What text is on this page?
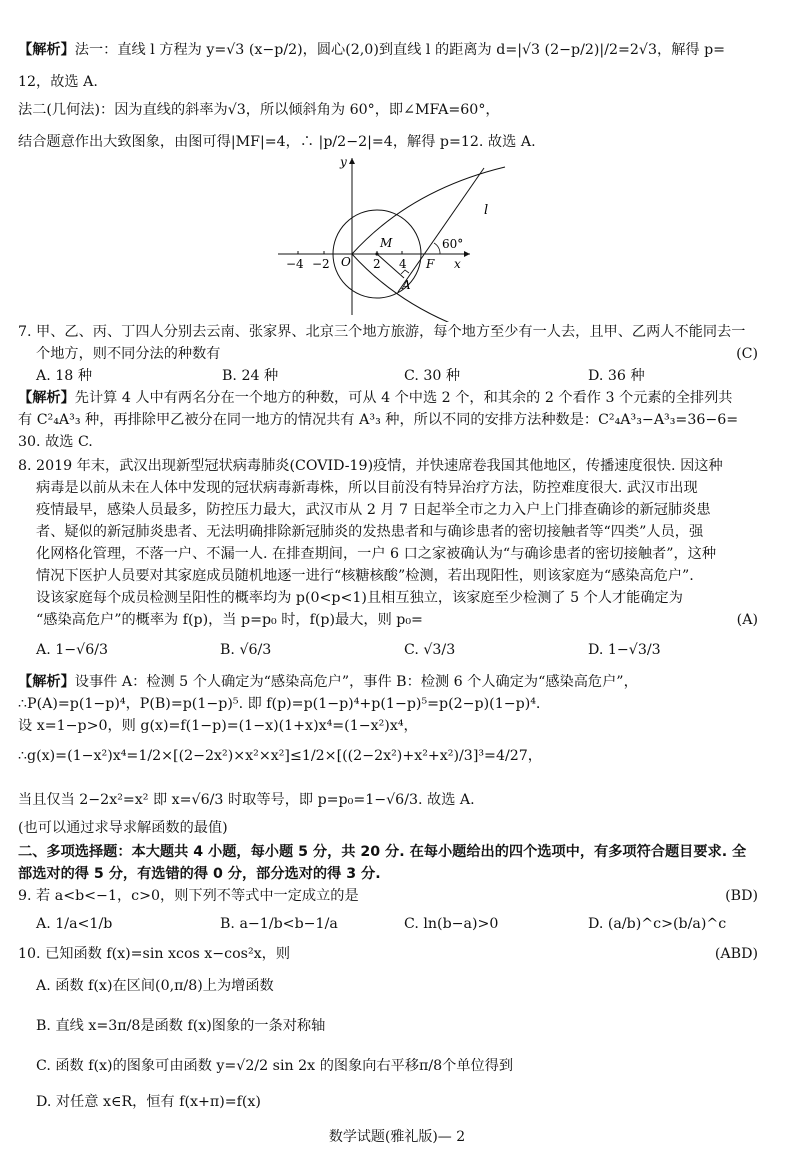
【解析】法一：直线 l 方程为 y=√3 (x−p/2)，圆心(2,0)到直线 l 的距离为 d=|√3 (2−p/2)|/2=2√3，解得 p=
12，故选 A.
法二(几何法)：因为直线的斜率为√3，所以倾斜角为 60°，即∠MFA=60°，
结合题意作出大致图象，由图可得|MF|=4，∴ |p/2−2|=4，解得 p=12. 故选 A.
y
x
−4 −2	2 4
O
M
F
A
l
60°
7. 甲、乙、丙、丁四人分别去云南、张家界、北京三个地方旅游，每个地方至少有一人去，且甲、乙两人不能同去一
个地方，则不同分法的种数有	(C)
A. 18 种	B. 24 种	C. 30 种	D. 36 种
【解析】先计算 4 人中有两名分在一个地方的种数，可从 4 个中选 2 个，和其余的 2 个看作 3 个元素的全排列共
有 C²₄A³₃ 种，再排除甲乙被分在同一地方的情况共有 A³₃ 种，所以不同的安排方法种数是：C²₄A³₃−A³₃=36−6=
30. 故选 C.
8. 2019 年末，武汉出现新型冠状病毒肺炎(COVID-19)疫情，并快速席卷我国其他地区，传播速度很快. 因这种
病毒是以前从未在人体中发现的冠状病毒新毒株，所以目前没有特异治疗方法，防控难度很大. 武汉市出现
疫情最早，感染人员最多，防控压力最大，武汉市从 2 月 7 日起举全市之力入户上门排查确诊的新冠肺炎患
者、疑似的新冠肺炎患者、无法明确排除新冠肺炎的发热患者和与确诊患者的密切接触者等“四类”人员，强
化网格化管理，不落一户、不漏一人. 在排查期间，一户 6 口之家被确认为“与确诊患者的密切接触者”，这种
情况下医护人员要对其家庭成员随机地逐一进行“核糖核酸”检测，若出现阳性，则该家庭为“感染高危户”.
设该家庭每个成员检测呈阳性的概率均为 p(0<p<1)且相互独立，该家庭至少检测了 5 个人才能确定为
“感染高危户”的概率为 f(p)，当 p=p₀ 时，f(p)最大，则 p₀=	(A)
A. 1−√6/3	B. √6/3	C. √3/3	D. 1−√3/3
【解析】设事件 A：检测 5 个人确定为“感染高危户”，事件 B：检测 6 个人确定为“感染高危户”，
∴P(A)=p(1−p)⁴，P(B)=p(1−p)⁵. 即 f(p)=p(1−p)⁴+p(1−p)⁵=p(2−p)(1−p)⁴.
设 x=1−p>0，则 g(x)=f(1−p)=(1−x)(1+x)x⁴=(1−x²)x⁴，
∴g(x)=(1−x²)x⁴=1/2×[(2−2x²)×x²×x²]≤1/2×[((2−2x²)+x²+x²)/3]³=4/27，
当且仅当 2−2x²=x² 即 x=√6/3 时取等号，即 p=p₀=1−√6/3. 故选 A.
(也可以通过求导求解函数的最值)
二、多项选择题：本大题共 4 小题，每小题 5 分，共 20 分. 在每小题给出的四个选项中，有多项符合题目要求. 全
部选对的得 5 分，有选错的得 0 分，部分选对的得 3 分.
9. 若 a<b<−1，c>0，则下列不等式中一定成立的是	(BD)
A. 1/a<1/b	B. a−1/b<b−1/a	C. ln(b−a)>0	D. (a/b)^c>(b/a)^c
10. 已知函数 f(x)=sin xcos x−cos²x，则	(ABD)
A. 函数 f(x)在区间(0,π/8)上为增函数
B. 直线 x=3π/8是函数 f(x)图象的一条对称轴
C. 函数 f(x)的图象可由函数 y=√2/2 sin 2x 的图象向右平移π/8个单位得到
D. 对任意 x∈R，恒有 f(x+π)=f(x)
数学试题(雅礼版)— 2
